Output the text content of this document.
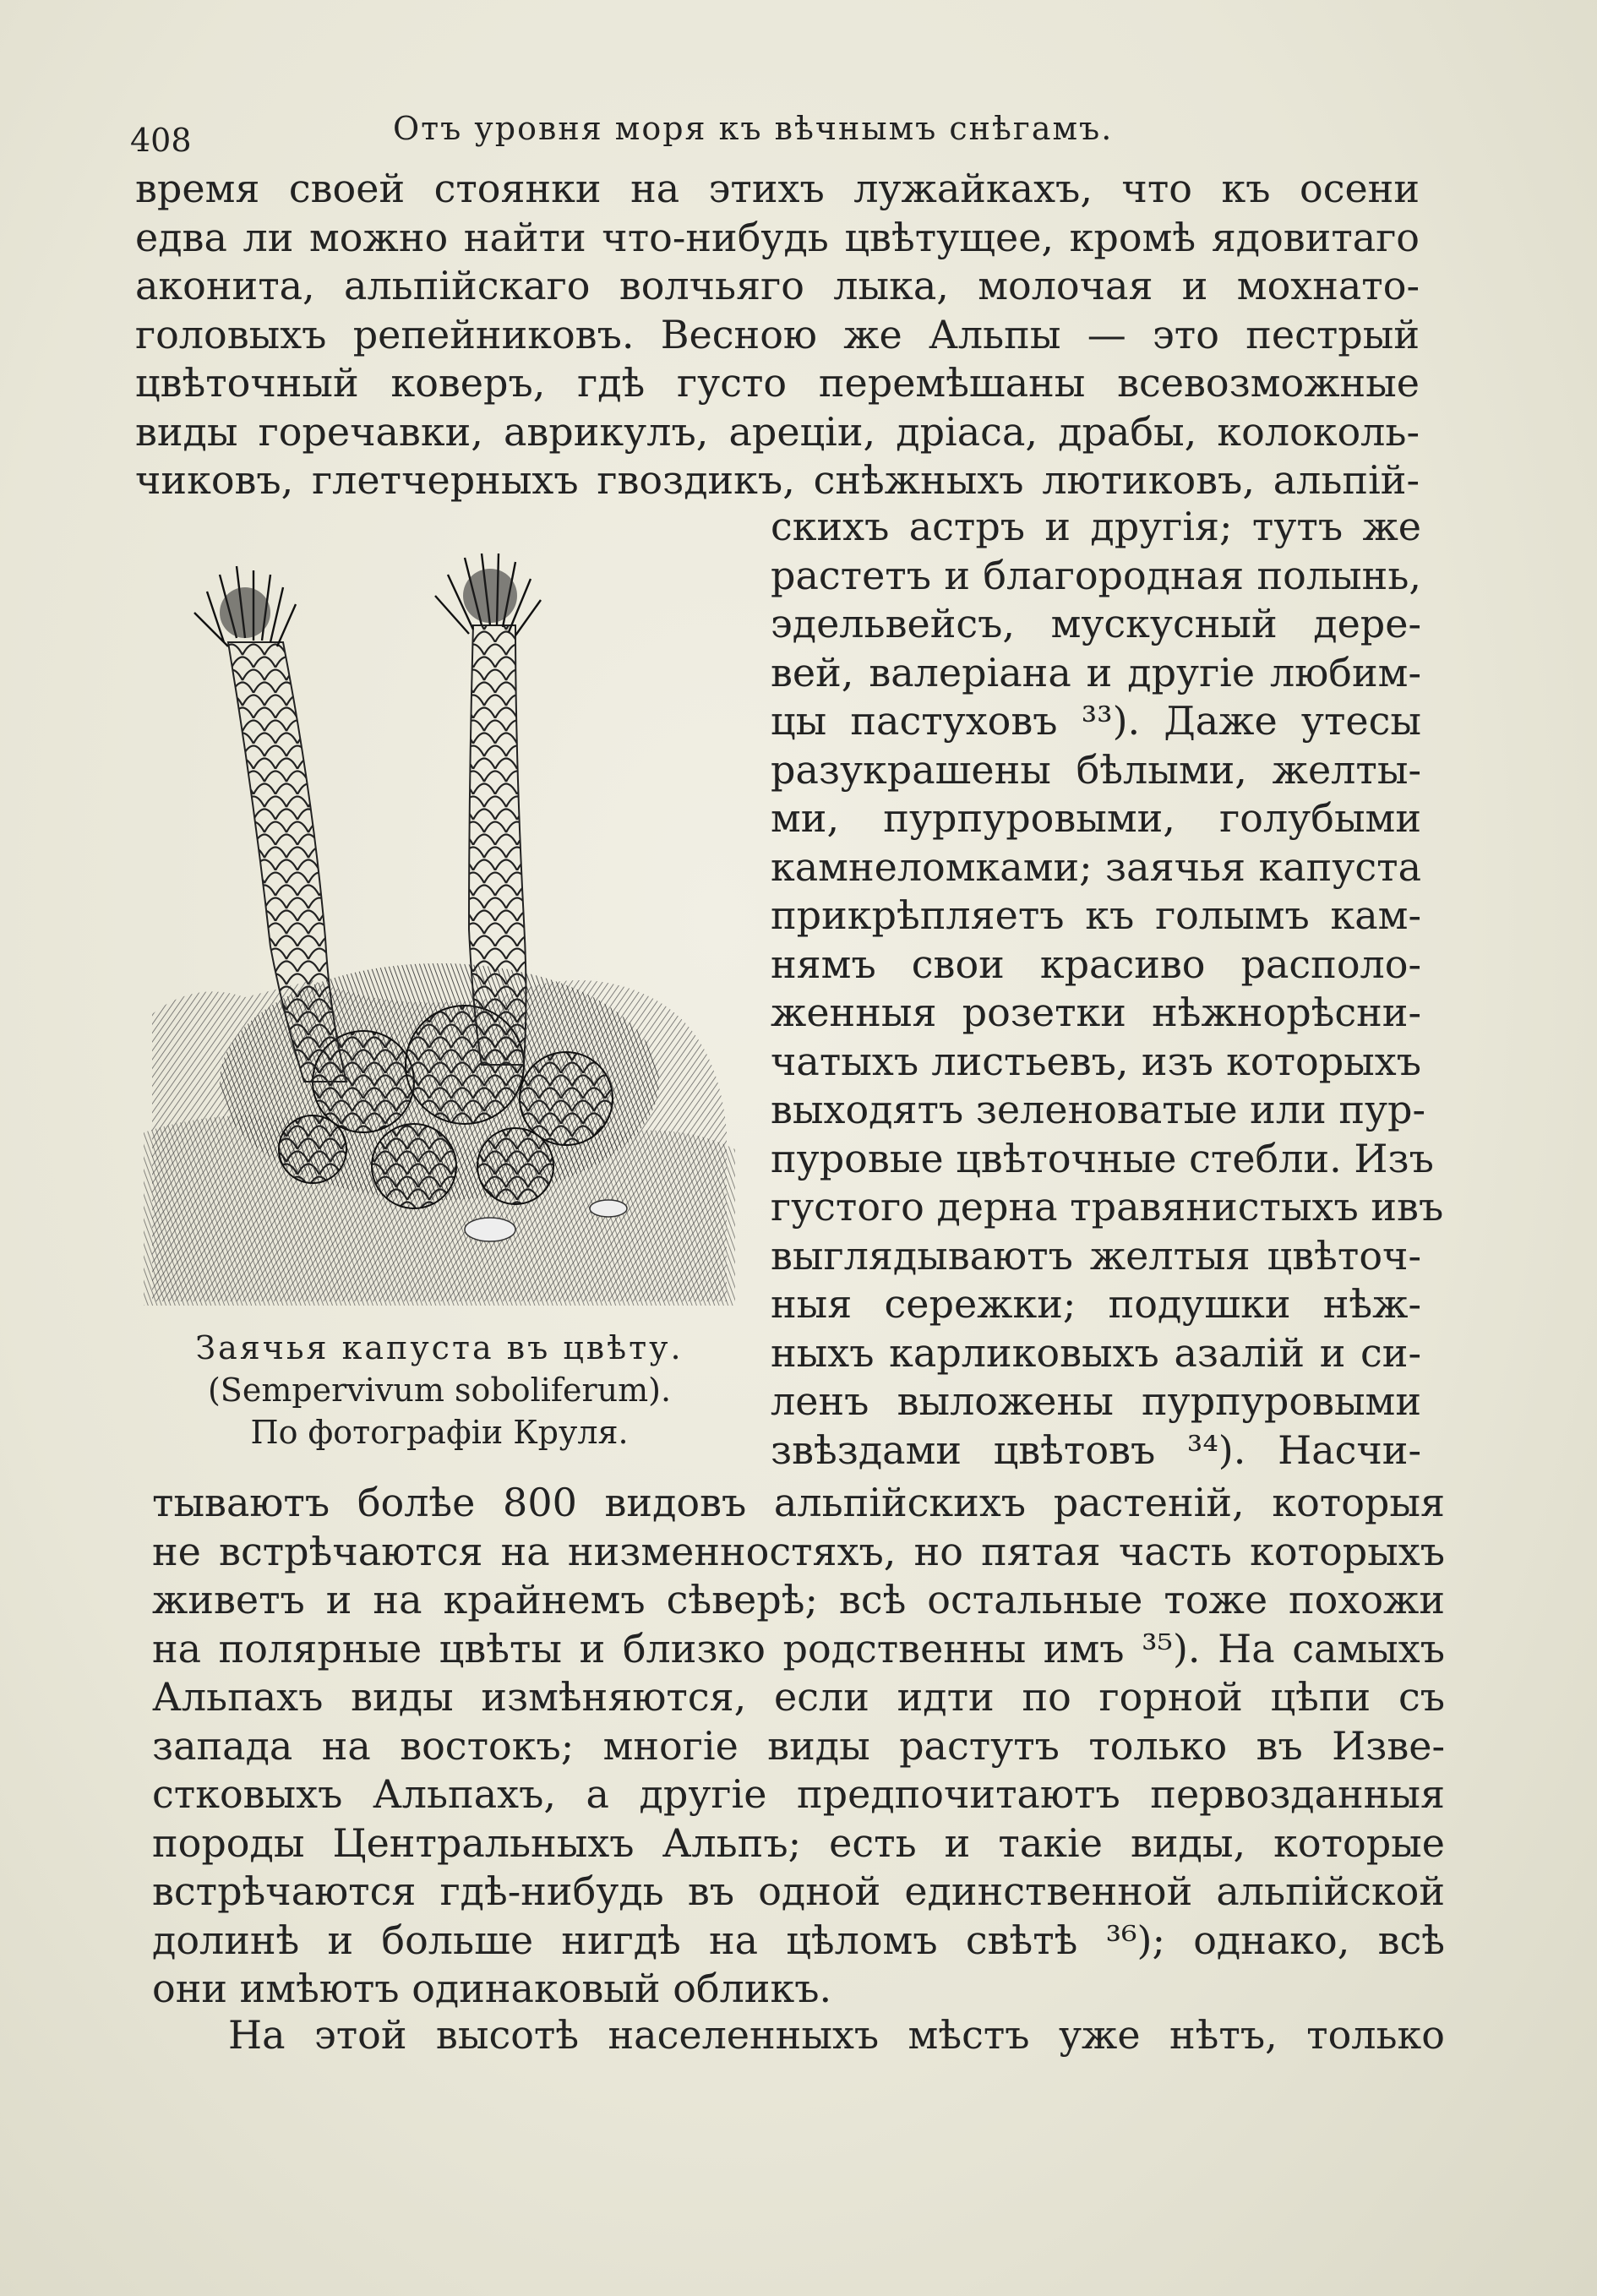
408	Отъ уровня моря къ вѣчнымъ снѣгамъ.
время своей стоянки на этихъ лужайкахъ, что къ осени
едва ли можно найти что-нибудь цвѣтущее, кромѣ ядовитаго
аконита, альпійскаго волчьяго лыка, молочая и мохнато-
головыхъ репейниковъ. Весною же Альпы — это пестрый
цвѣточный коверъ, гдѣ густо перемѣшаны всевозможные
виды горечавки, аврикулъ, ареціи, дріаса, драбы, колоколь-
чиковъ, глетчерныхъ гвоздикъ, снѣжныхъ лютиковъ, альпій-
Заячья капуста въ цвѣту.
(Sempervivum soboliferum).
По фотографіи Круля.
скихъ астръ и другія; тутъ же
растетъ и благородная полынь,
эдельвейсъ, мускусный дере-
вей, валеріана и другіе любим-
цы пастуховъ ³³). Даже утесы
разукрашены бѣлыми, желты-
ми, пурпуровыми, голубыми
камнеломками; заячья капуста
прикрѣпляетъ къ голымъ кам-
нямъ свои красиво располо-
женныя розетки нѣжнорѣсни-
чатыхъ листьевъ, изъ которыхъ
выходятъ зеленоватые или пур-
пуровые цвѣточные стебли. Изъ
густого дерна травянистыхъ ивъ
выглядываютъ желтыя цвѣточ-
ныя сережки; подушки нѣж-
ныхъ карликовыхъ азалій и си-
ленъ выложены пурпуровыми
звѣздами цвѣтовъ ³⁴). Насчи-
тываютъ болѣе 800 видовъ альпійскихъ растеній, которыя
не встрѣчаются на низменностяхъ, но пятая часть которыхъ
живетъ и на крайнемъ сѣверѣ; всѣ остальные тоже похожи
на полярные цвѣты и близко родственны имъ ³⁵). На самыхъ
Альпахъ виды измѣняются, если идти по горной цѣпи съ
запада на востокъ; многіе виды растутъ только въ Изве-
стковыхъ Альпахъ, а другіе предпочитаютъ первозданныя
породы Центральныхъ Альпъ; есть и такіе виды, которые
встрѣчаются гдѣ-нибудь въ одной единственной альпійской
долинѣ и больше нигдѣ на цѣломъ свѣтѣ ³⁶); однако, всѣ
они имѣютъ одинаковый обликъ.
На этой высотѣ населенныхъ мѣстъ уже нѣтъ, только
